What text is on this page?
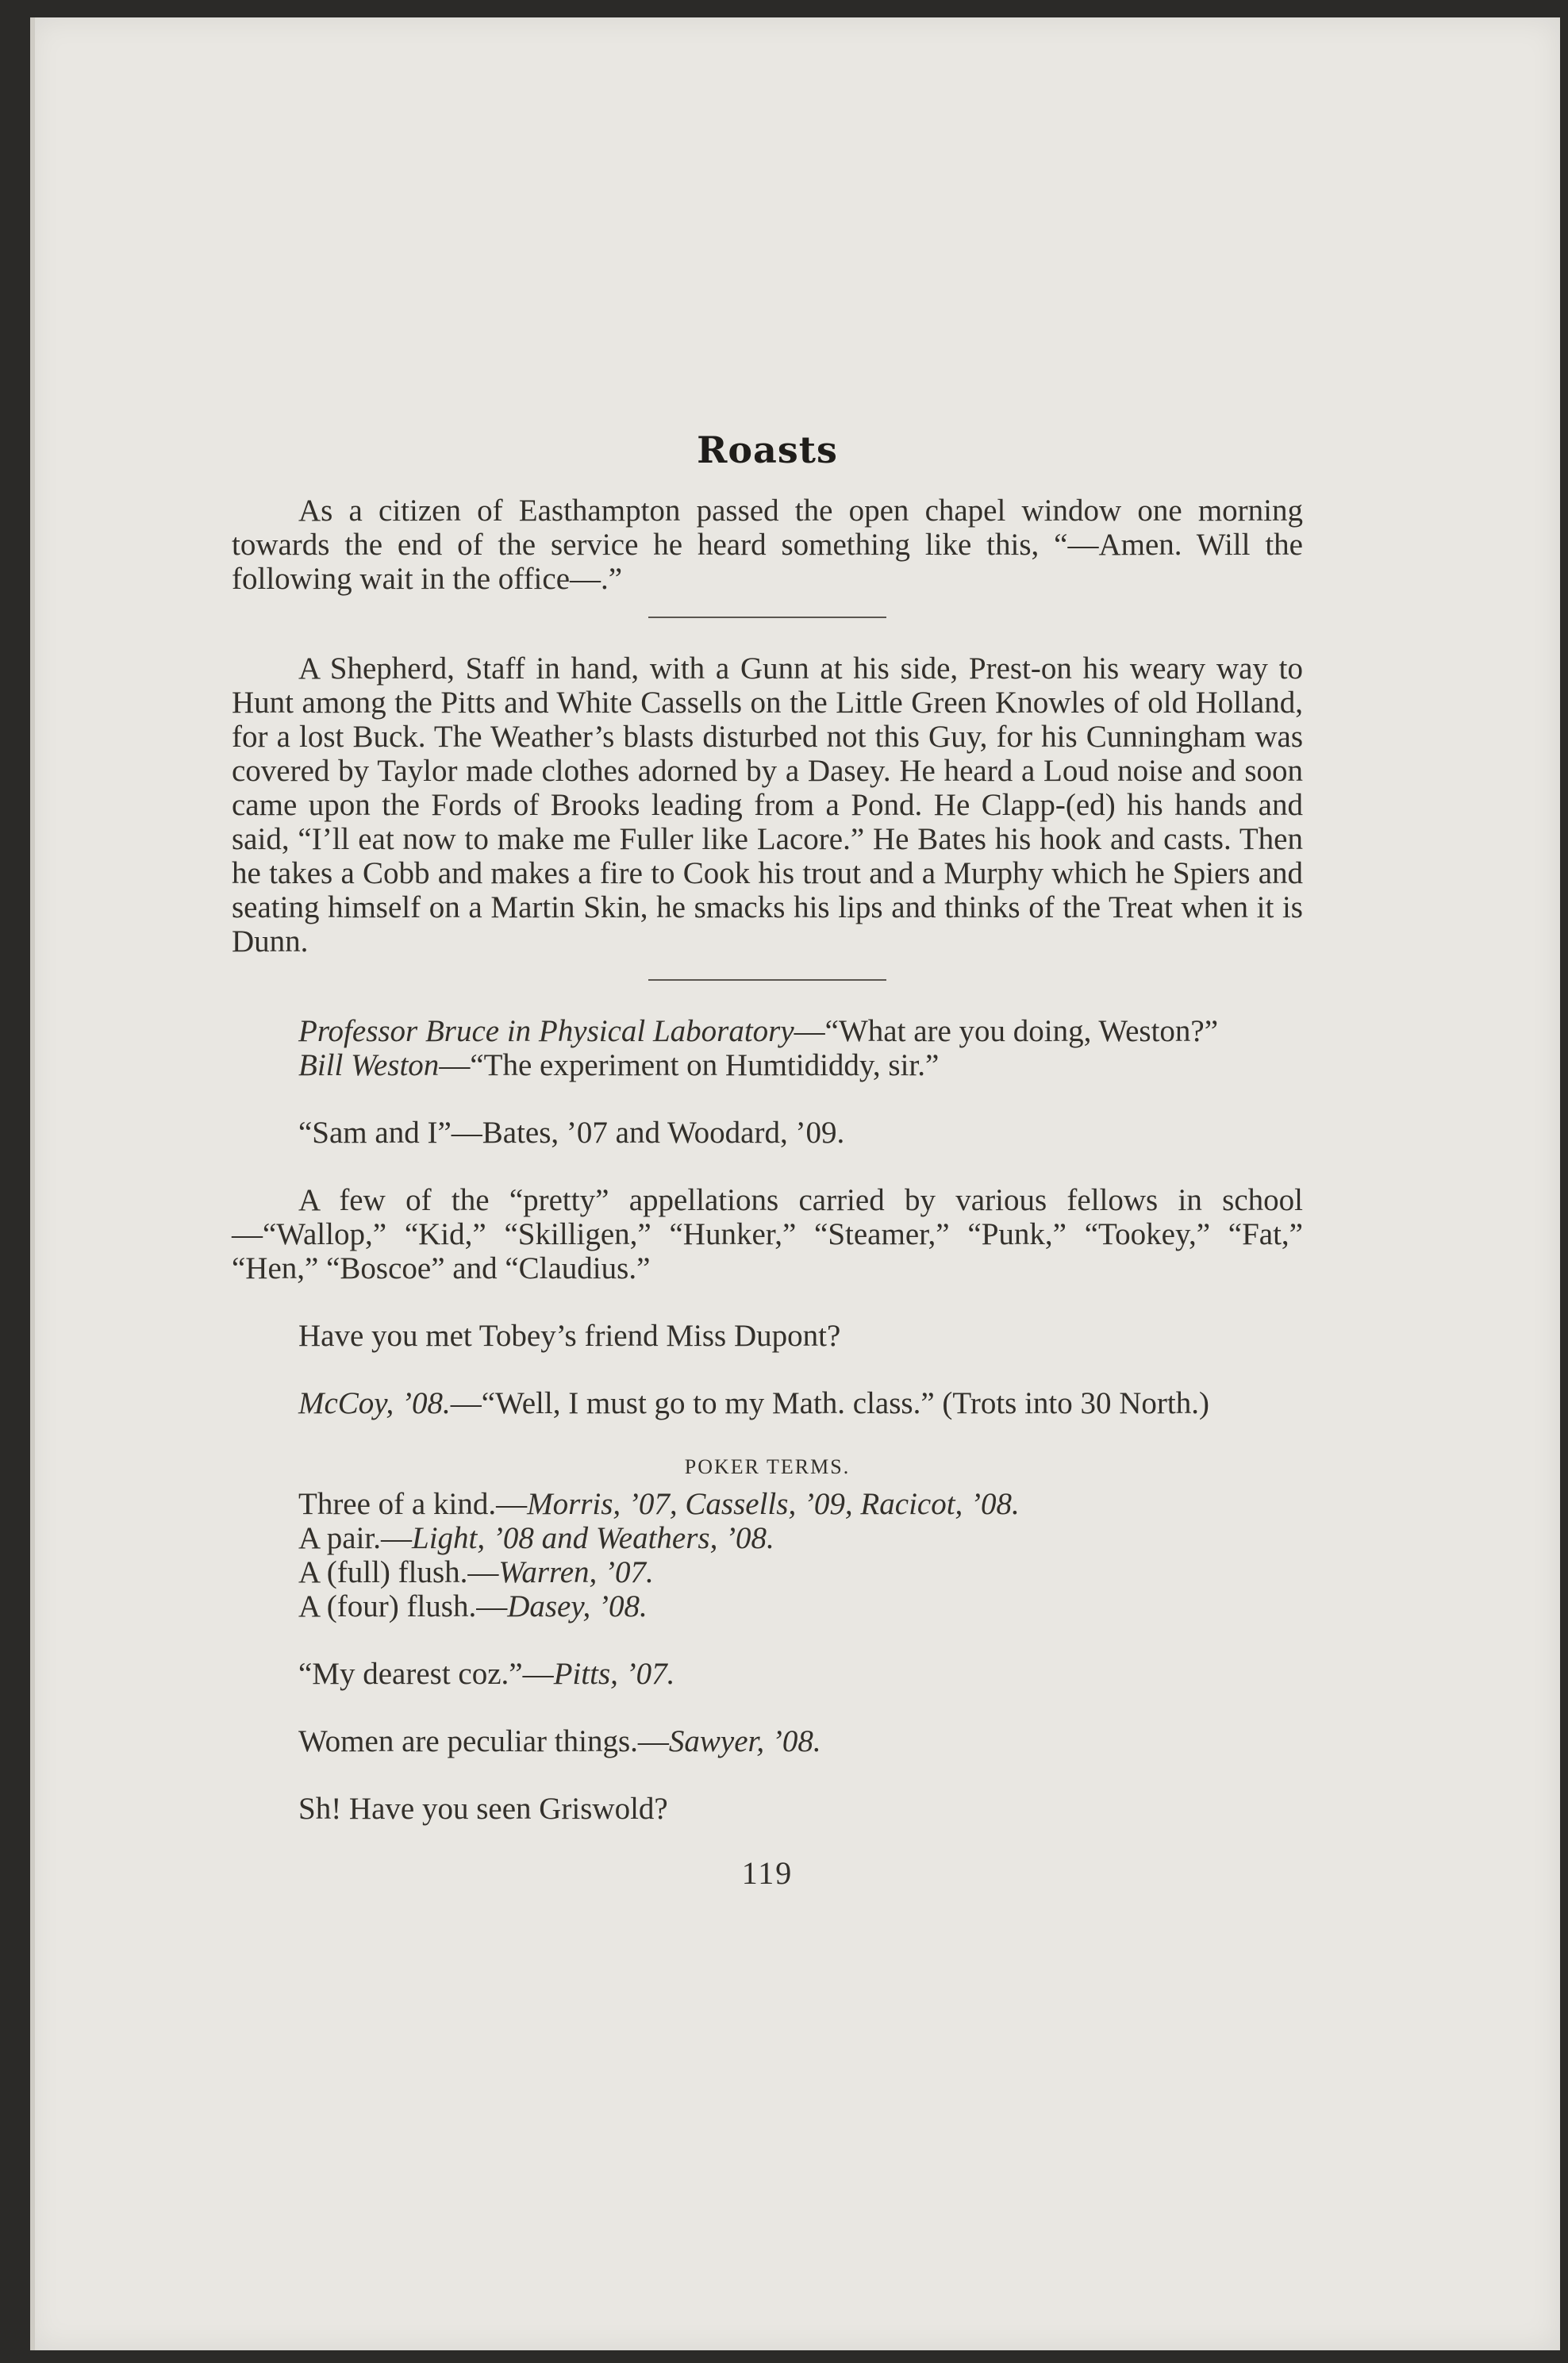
Roasts

As a citizen of Easthampton passed the open chapel window one morning towards the end of the service he heard something like this, “—Amen. Will the following wait in the office—.”

A Shepherd, Staff in hand, with a Gunn at his side, Prest-on his weary way to Hunt among the Pitts and White Cassells on the Little Green Knowles of old Holland, for a lost Buck. The Weather’s blasts disturbed not this Guy, for his Cunningham was covered by Taylor made clothes adorned by a Dasey. He heard a Loud noise and soon came upon the Fords of Brooks leading from a Pond. He Clapp-(ed) his hands and said, “I’ll eat now to make me Fuller like Lacore.” He Bates his hook and casts. Then he takes a Cobb and makes a fire to Cook his trout and a Murphy which he Spiers and seating himself on a Martin Skin, he smacks his lips and thinks of the Treat when it is Dunn.

Professor Bruce in Physical Laboratory—“What are you doing, Weston?”

Bill Weston—“The experiment on Humtididdy, sir.”

“Sam and I”—Bates, ’07 and Woodard, ’09.

A few of the “pretty” appellations carried by various fellows in school—“Wallop,” “Kid,” “Skilligen,” “Hunker,” “Steamer,” “Punk,” “Tookey,” “Fat,” “Hen,” “Boscoe” and “Claudius.”

Have you met Tobey’s friend Miss Dupont?

McCoy, ’08.—“Well, I must go to my Math. class.” (Trots into 30 North.)

POKER TERMS.
Three of a kind.—Morris, ’07, Cassells, ’09, Racicot, ’08.
A pair.—Light, ’08 and Weathers, ’08.
A (full) flush.—Warren, ’07.
A (four) flush.—Dasey, ’08.

“My dearest coz.”—Pitts, ’07.

Women are peculiar things.—Sawyer, ’08.

Sh! Have you seen Griswold?

119
